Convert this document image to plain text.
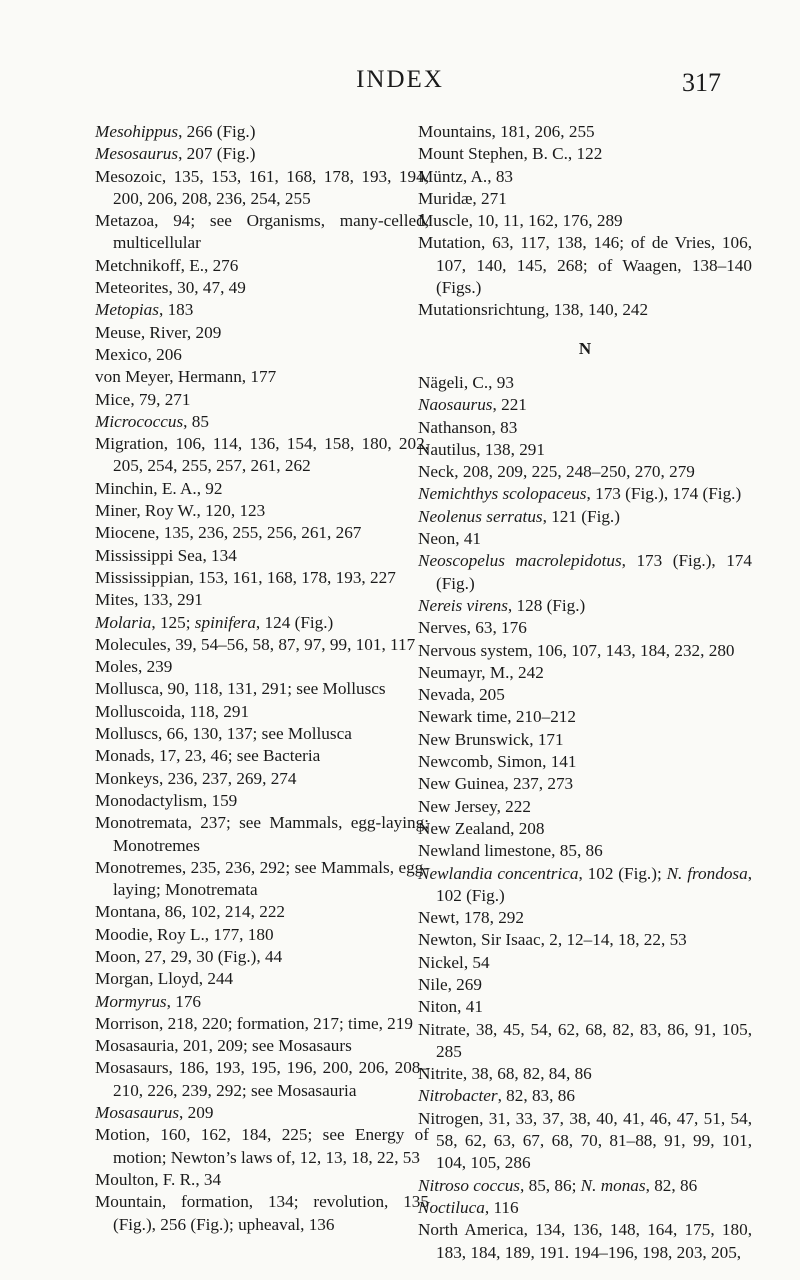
INDEX	317
Mesohippus, 266 (Fig.)
Mesosaurus, 207 (Fig.)
Mesozoic, 135, 153, 161, 168, 178, 193, 194, 200, 206, 208, 236, 254, 255
Metazoa, 94; see Organisms, many-celled, multicellular
Metchnikoff, E., 276
Meteorites, 30, 47, 49
Metopias, 183
Meuse, River, 209
Mexico, 206
von Meyer, Hermann, 177
Mice, 79, 271
Micrococcus, 85
Migration, 106, 114, 136, 154, 158, 180, 202, 205, 254, 255, 257, 261, 262
Minchin, E. A., 92
Miner, Roy W., 120, 123
Miocene, 135, 236, 255, 256, 261, 267
Mississippi Sea, 134
Mississippian, 153, 161, 168, 178, 193, 227
Mites, 133, 291
Molaria, 125; spinifera, 124 (Fig.)
Molecules, 39, 54–56, 58, 87, 97, 99, 101, 117
Moles, 239
Mollusca, 90, 118, 131, 291; see Molluscs
Molluscoida, 118, 291
Molluscs, 66, 130, 137; see Mollusca
Monads, 17, 23, 46; see Bacteria
Monkeys, 236, 237, 269, 274
Monodactylism, 159
Monotremata, 237; see Mammals, egg-laying; Monotremes
Monotremes, 235, 236, 292; see Mammals, egg-laying; Monotremata
Montana, 86, 102, 214, 222
Moodie, Roy L., 177, 180
Moon, 27, 29, 30 (Fig.), 44
Morgan, Lloyd, 244
Mormyrus, 176
Morrison, 218, 220; formation, 217; time, 219
Mosasauria, 201, 209; see Mosasaurs
Mosasaurs, 186, 193, 195, 196, 200, 206, 208–210, 226, 239, 292; see Mosasauria
Mosasaurus, 209
Motion, 160, 162, 184, 225; see Energy of motion; Newton’s laws of, 12, 13, 18, 22, 53
Moulton, F. R., 34
Mountain, formation, 134; revolution, 135 (Fig.), 256 (Fig.); upheaval, 136
Mountains, 181, 206, 255
Mount Stephen, B. C., 122
Müntz, A., 83
Muridæ, 271
Muscle, 10, 11, 162, 176, 289
Mutation, 63, 117, 138, 146; of de Vries, 106, 107, 140, 145, 268; of Waagen, 138–140 (Figs.)
Mutationsrichtung, 138, 140, 242
N
Nägeli, C., 93
Naosaurus, 221
Nathanson, 83
Nautilus, 138, 291
Neck, 208, 209, 225, 248–250, 270, 279
Nemichthys scolopaceus, 173 (Fig.), 174 (Fig.)
Neolenus serratus, 121 (Fig.)
Neon, 41
Neoscopelus macrolepidotus, 173 (Fig.), 174 (Fig.)
Nereis virens, 128 (Fig.)
Nerves, 63, 176
Nervous system, 106, 107, 143, 184, 232, 280
Neumayr, M., 242
Nevada, 205
Newark time, 210–212
New Brunswick, 171
Newcomb, Simon, 141
New Guinea, 237, 273
New Jersey, 222
New Zealand, 208
Newland limestone, 85, 86
Newlandia concentrica, 102 (Fig.); N. frondosa, 102 (Fig.)
Newt, 178, 292
Newton, Sir Isaac, 2, 12–14, 18, 22, 53
Nickel, 54
Nile, 269
Niton, 41
Nitrate, 38, 45, 54, 62, 68, 82, 83, 86, 91, 105, 285
Nitrite, 38, 68, 82, 84, 86
Nitrobacter, 82, 83, 86
Nitrogen, 31, 33, 37, 38, 40, 41, 46, 47, 51, 54, 58, 62, 63, 67, 68, 70, 81–88, 91, 99, 101, 104, 105, 286
Nitroso coccus, 85, 86; N. monas, 82, 86
Noctiluca, 116
North America, 134, 136, 148, 164, 175, 180, 183, 184, 189, 191. 194–196, 198, 203, 205,
